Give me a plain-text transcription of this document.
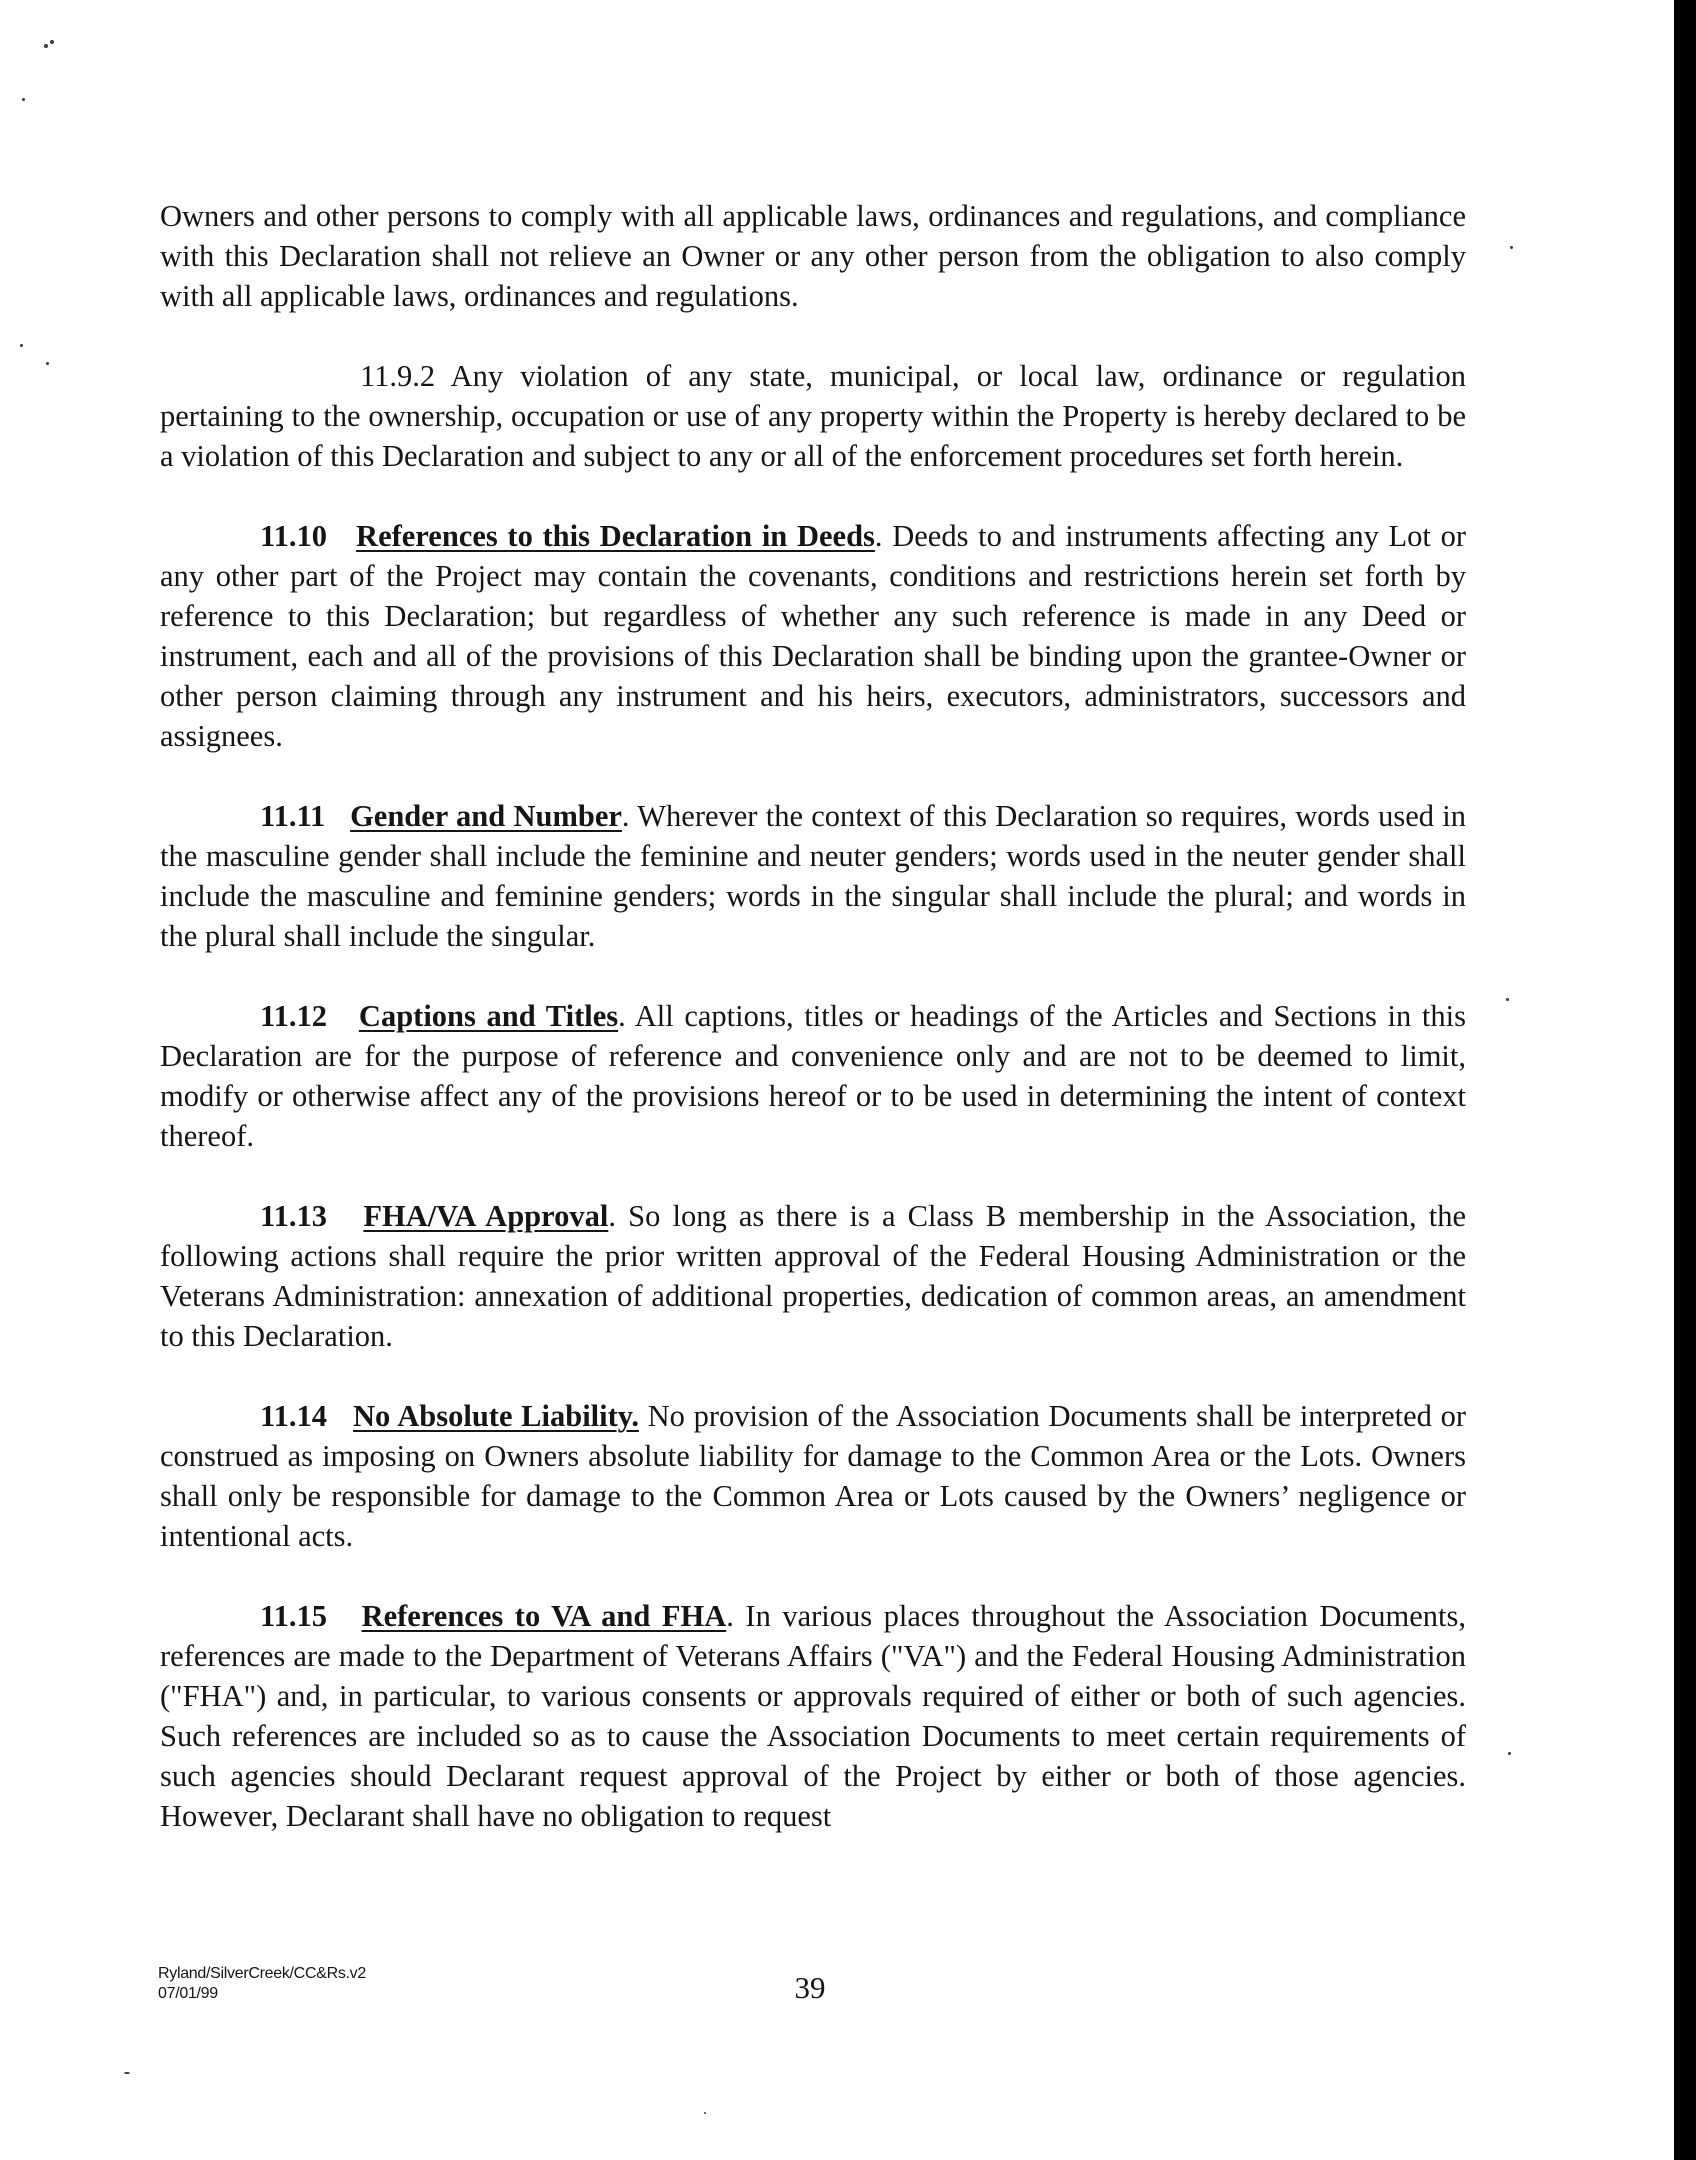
Owners and other persons to comply with all applicable laws, ordinances and regulations, and compliance with this Declaration shall not relieve an Owner or any other person from the obligation to also comply with all applicable laws, ordinances and regulations.

11.9.2 Any violation of any state, municipal, or local law, ordinance or regulation pertaining to the ownership, occupation or use of any property within the Property is hereby declared to be a violation of this Declaration and subject to any or all of the enforcement procedures set forth herein.

11.10 References to this Declaration in Deeds. Deeds to and instruments affecting any Lot or any other part of the Project may contain the covenants, conditions and restrictions herein set forth by reference to this Declaration; but regardless of whether any such reference is made in any Deed or instrument, each and all of the provisions of this Declaration shall be binding upon the grantee-Owner or other person claiming through any instrument and his heirs, executors, administrators, successors and assignees.

11.11 Gender and Number. Wherever the context of this Declaration so requires, words used in the masculine gender shall include the feminine and neuter genders; words used in the neuter gender shall include the masculine and feminine genders; words in the singular shall include the plural; and words in the plural shall include the singular.

11.12 Captions and Titles. All captions, titles or headings of the Articles and Sections in this Declaration are for the purpose of reference and convenience only and are not to be deemed to limit, modify or otherwise affect any of the provisions hereof or to be used in determining the intent of context thereof.

11.13 FHA/VA Approval. So long as there is a Class B membership in the Association, the following actions shall require the prior written approval of the Federal Housing Administration or the Veterans Administration: annexation of additional properties, dedication of common areas, an amendment to this Declaration.

11.14 No Absolute Liability. No provision of the Association Documents shall be interpreted or construed as imposing on Owners absolute liability for damage to the Common Area or the Lots. Owners shall only be responsible for damage to the Common Area or Lots caused by the Owners’ negligence or intentional acts.

11.15 References to VA and FHA. In various places throughout the Association Documents, references are made to the Department of Veterans Affairs ("VA") and the Federal Housing Administration ("FHA") and, in particular, to various consents or approvals required of either or both of such agencies. Such references are included so as to cause the Association Documents to meet certain requirements of such agencies should Declarant request approval of the Project by either or both of those agencies. However, Declarant shall have no obligation to request

Ryland/SilverCreek/CC&Rs.v2
07/01/99	39
